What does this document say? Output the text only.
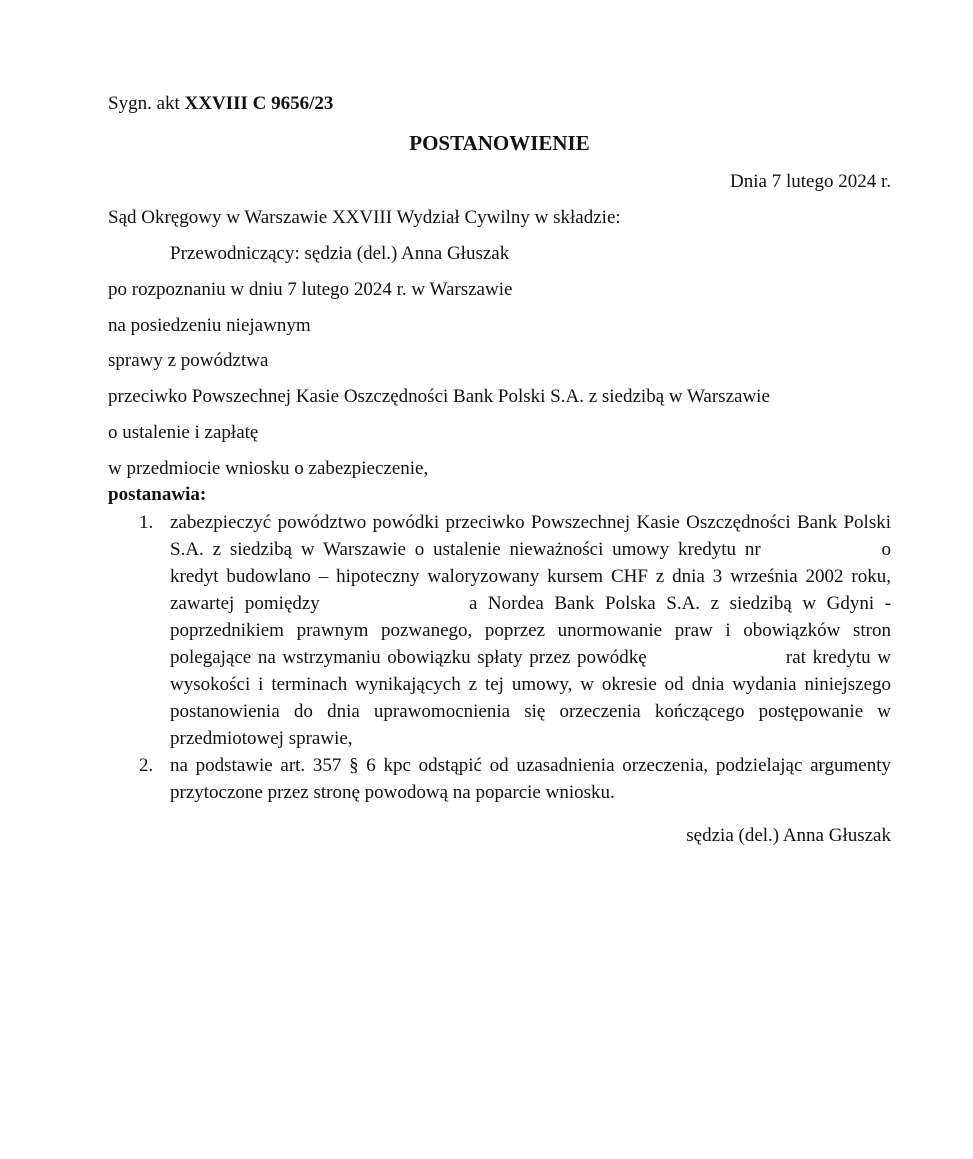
Sygn. akt XXVIII C 9656/23
POSTANOWIENIE
Dnia 7 lutego 2024 r.
Sąd Okręgowy w Warszawie XXVIII Wydział Cywilny w składzie:
Przewodniczący: sędzia (del.) Anna Głuszak
po rozpoznaniu w dniu 7 lutego 2024 r. w Warszawie
na posiedzeniu niejawnym
sprawy z powództwa
przeciwko Powszechnej Kasie Oszczędności Bank Polski S.A. z siedzibą w Warszawie
o ustalenie i zapłatę
w przedmiocie wniosku o zabezpieczenie,
postanawia:
1. zabezpieczyć powództwo powódki przeciwko Powszechnej Kasie Oszczędności Bank Polski S.A. z siedzibą w Warszawie o ustalenie nieważności umowy kredytu nr	o kredyt budowlano – hipoteczny waloryzowany kursem CHF z dnia 3 września 2002 roku, zawartej pomiędzy	a Nordea Bank Polska S.A. z siedzibą w Gdyni - poprzednikiem prawnym pozwanego, poprzez unormowanie praw i obowiązków stron polegające na wstrzymaniu obowiązku spłaty przez powódkę	rat kredytu w wysokości i terminach wynikających z tej umowy, w okresie od dnia wydania niniejszego postanowienia do dnia uprawomocnienia się orzeczenia kończącego postępowanie w przedmiotowej sprawie,
2. na podstawie art. 357 § 6 kpc odstąpić od uzasadnienia orzeczenia, podzielając argumenty przytoczone przez stronę powodową na poparcie wniosku.
sędzia (del.) Anna Głuszak
